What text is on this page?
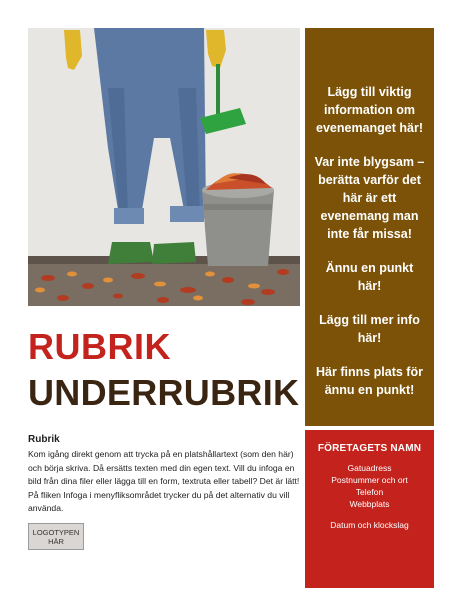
Lägg till viktig information om evenemanget här!
Var inte blygsam – berätta varför det här är ett evenemang man inte får missa!
Ännu en punkt här!
Lägg till mer info här!
Här finns plats för ännu en punkt!
FÖRETAGETS NAMN
Gatuadress
Postnummer och ort
Telefon
Webbplats
Datum och klockslag
RUBRIK
UNDERRUBRIK
Rubrik
Kom igång direkt genom att trycka på en platshållartext (som den här) och börja skriva. Då ersätts texten med din egen text. Vill du infoga en bild från dina filer eller lägga till en form, textruta eller tabell? Det är lätt! På fliken Infoga i menyfliksområdet trycker du på det alternativ du vill använda.
LOGOTYPEN HÄR
